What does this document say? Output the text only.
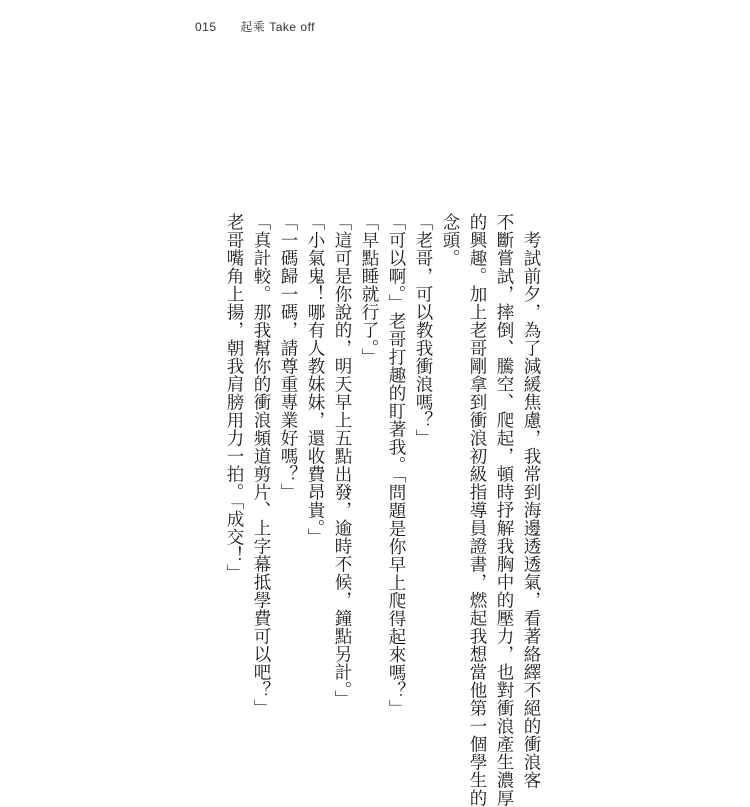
015 起乘 Take off
　考試前夕，為了減緩焦慮，我常到海邊透透氣，看著絡繹不絕的衝浪客
不斷嘗試，摔倒、騰空、爬起，頓時抒解我胸中的壓力，也對衝浪產生濃厚
的興趣。加上老哥剛拿到衝浪初級指導員證書，燃起我想當他第一個學生的
念頭。
「老哥，可以教我衝浪嗎？」
「可以啊。」老哥打趣的盯著我。「問題是你早上爬得起來嗎？」
「早點睡就行了。」
「這可是你說的，明天早上五點出發，逾時不候，鐘點另計。」
「小氣鬼！哪有人教妹妹，還收費昂貴。」
「一碼歸一碼，請尊重專業好嗎？」
「真計較。那我幫你的衝浪頻道剪片、上字幕抵學費可以吧？」
老哥嘴角上揚，朝我肩膀用力一拍。「成交！」
